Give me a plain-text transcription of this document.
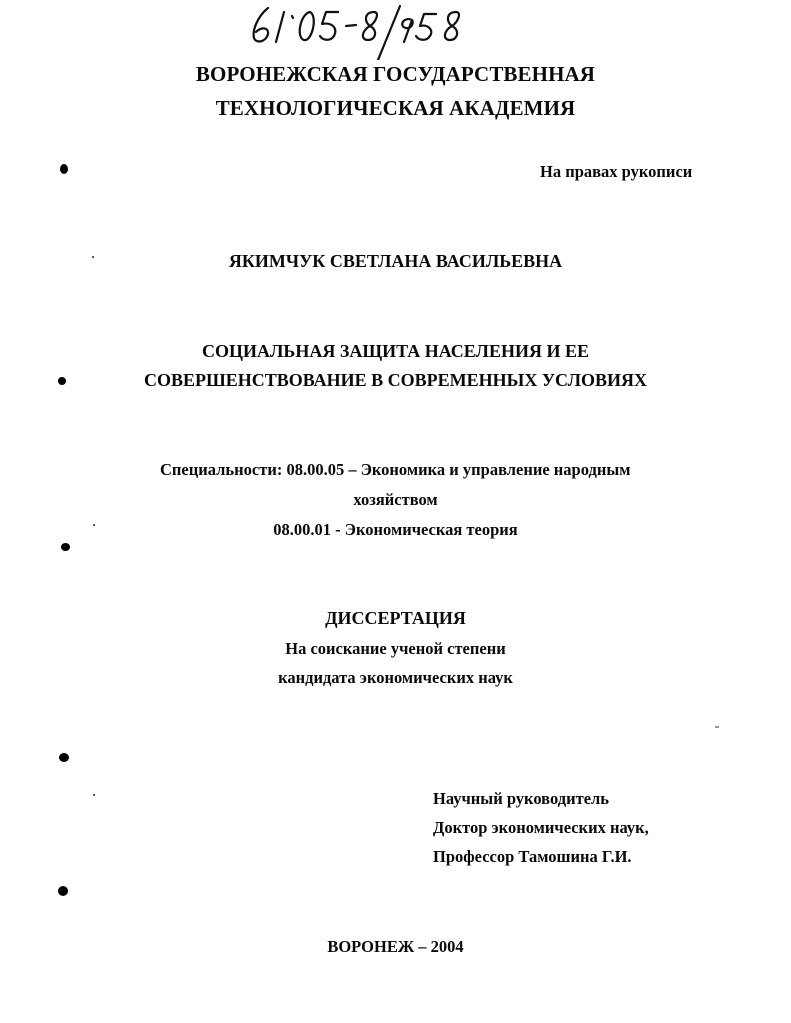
ВОРОНЕЖСКАЯ ГОСУДАРСТВЕННАЯ

ТЕХНОЛОГИЧЕСКАЯ АКАДЕМИЯ

На правах рукописи

ЯКИМЧУК СВЕТЛАНА ВАСИЛЬЕВНА

СОЦИАЛЬНАЯ ЗАЩИТА НАСЕЛЕНИЯ И ЕЕ

СОВЕРШЕНСТВОВАНИЕ В СОВРЕМЕННЫХ УСЛОВИЯХ

Специальности: 08.00.05 – Экономика и управление народным

хозяйством

08.00.01 - Экономическая теория

ДИССЕРТАЦИЯ

На соискание ученой степени

кандидата экономических наук

Научный руководитель

Доктор экономических наук,

Профессор Тамошина Г.И.

ВОРОНЕЖ – 2004
